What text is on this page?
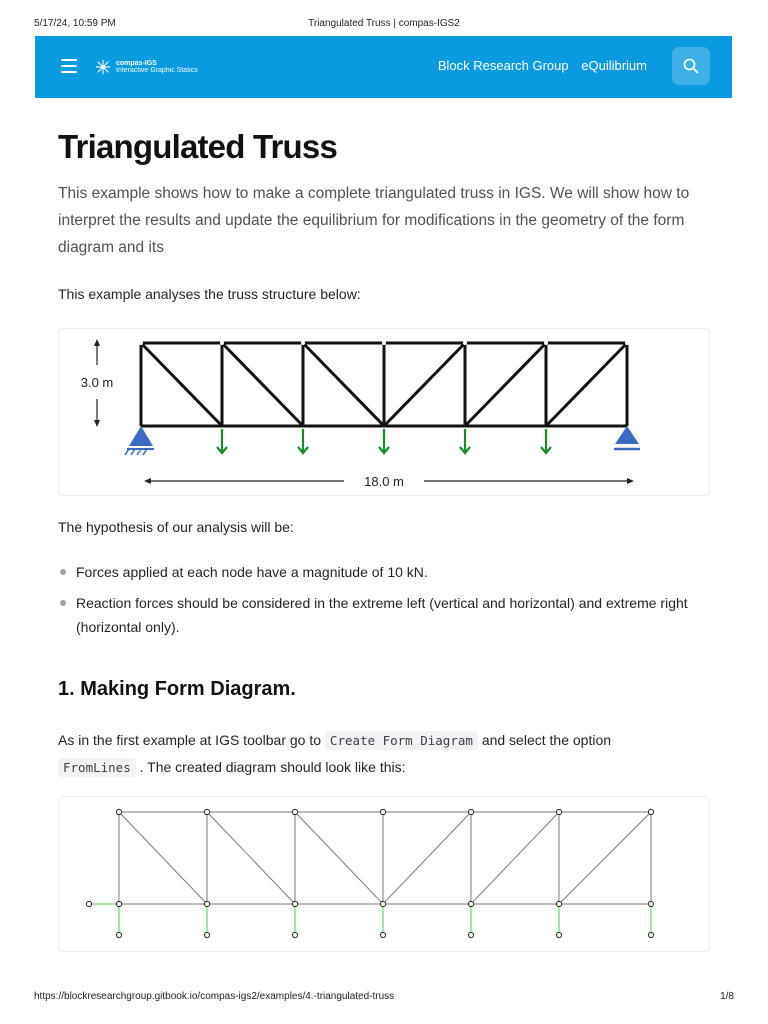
5/17/24, 10:59 PM	Triangulated Truss | compas-IGS2
compas-IGS
Interactive Graphic Statics	Block Research Group eQuilibrium
Triangulated Truss

This example shows how to make a complete triangulated truss in IGS. We will show how to interpret the results and update the equilibrium for modifications in the geometry of the form diagram and its

This example analyses the truss structure below:

The hypothesis of our analysis will be:

Forces applied at each node have a magnitude of 10 kN.
Reaction forces should be considered in the extreme left (vertical and horizontal) and extreme right (horizontal only).
1. Making Form Diagram.

As in the first example at IGS toolbar go to Create Form Diagram and select the option
FromLines . The created diagram should look like this:

3.0 m
18.0 m
https://blockresearchgroup.gitbook.io/compas-igs2/examples/4.-triangulated-truss	1/8
